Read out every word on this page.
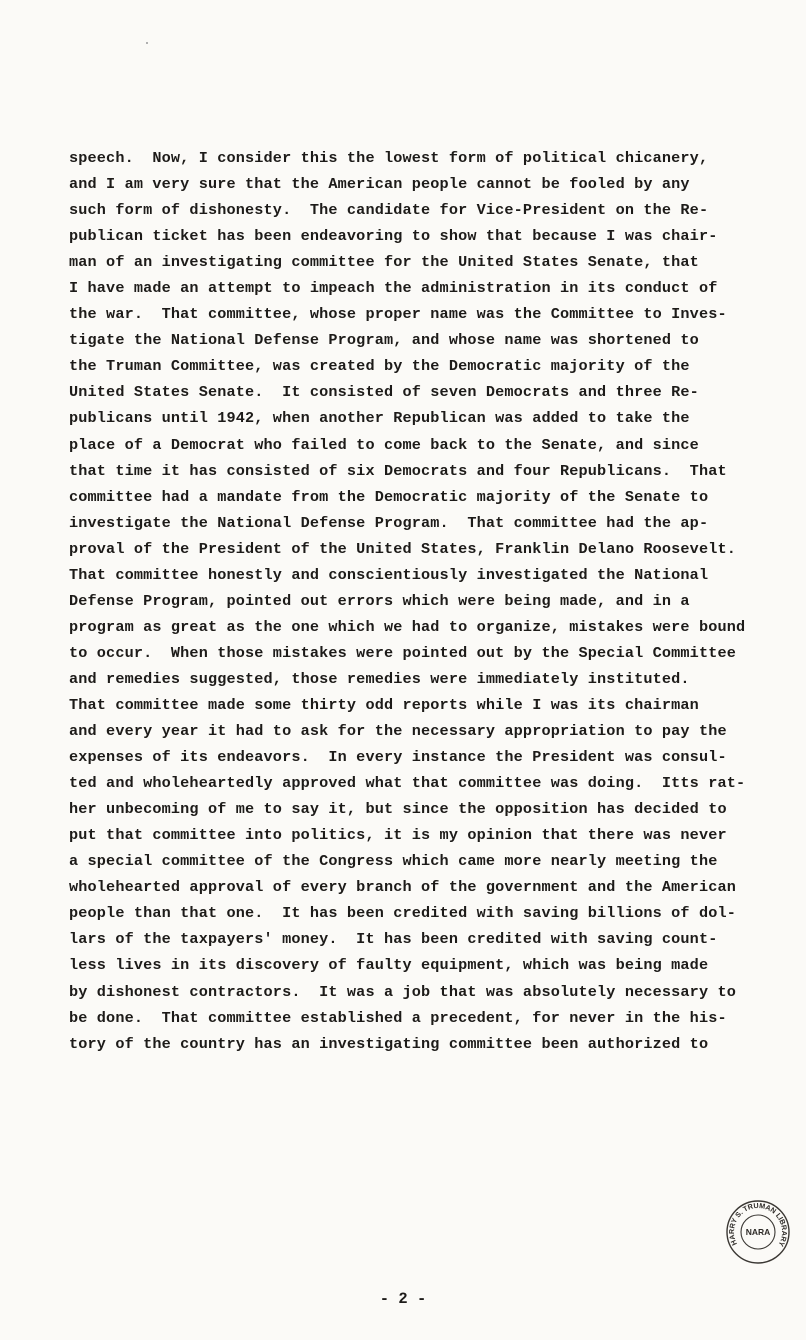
speech.  Now, I consider this the lowest form of political chicanery,
and I am very sure that the American people cannot be fooled by any
such form of dishonesty.  The candidate for Vice-President on the Re-
publican ticket has been endeavoring to show that because I was chair-
man of an investigating committee for the United States Senate, that
I have made an attempt to impeach the administration in its conduct of
the war.  That committee, whose proper name was the Committee to Inves-
tigate the National Defense Program, and whose name was shortened to
the Truman Committee, was created by the Democratic majority of the
United States Senate.  It consisted of seven Democrats and three Re-
publicans until 1942, when another Republican was added to take the
place of a Democrat who failed to come back to the Senate, and since
that time it has consisted of six Democrats and four Republicans.  That
committee had a mandate from the Democratic majority of the Senate to
investigate the National Defense Program.  That committee had the ap-
proval of the President of the United States, Franklin Delano Roosevelt.
That committee honestly and conscientiously investigated the National
Defense Program, pointed out errors which were being made, and in a
program as great as the one which we had to organize, mistakes were bound
to occur.  When those mistakes were pointed out by the Special Committee
and remedies suggested, those remedies were immediately instituted.
That committee made some thirty odd reports while I was its chairman
and every year it had to ask for the necessary appropriation to pay the
expenses of its endeavors.  In every instance the President was consul-
ted and wholeheartedly approved what that committee was doing.  Itts rat-
her unbecoming of me to say it, but since the opposition has decided to
put that committee into politics, it is my opinion that there was never
a special committee of the Congress which came more nearly meeting the
wholehearted approval of every branch of the government and the American
people than that one.  It has been credited with saving billions of dol-
lars of the taxpayers' money.  It has been credited with saving count-
less lives in its discovery of faulty equipment, which was being made
by dishonest contractors.  It was a job that was absolutely necessary to
be done.  That committee established a precedent, for never in the his-
tory of the country has an investigating committee been authorized to
HARRY S. TRUMAN LIBRARY
NARA
- 2 -
